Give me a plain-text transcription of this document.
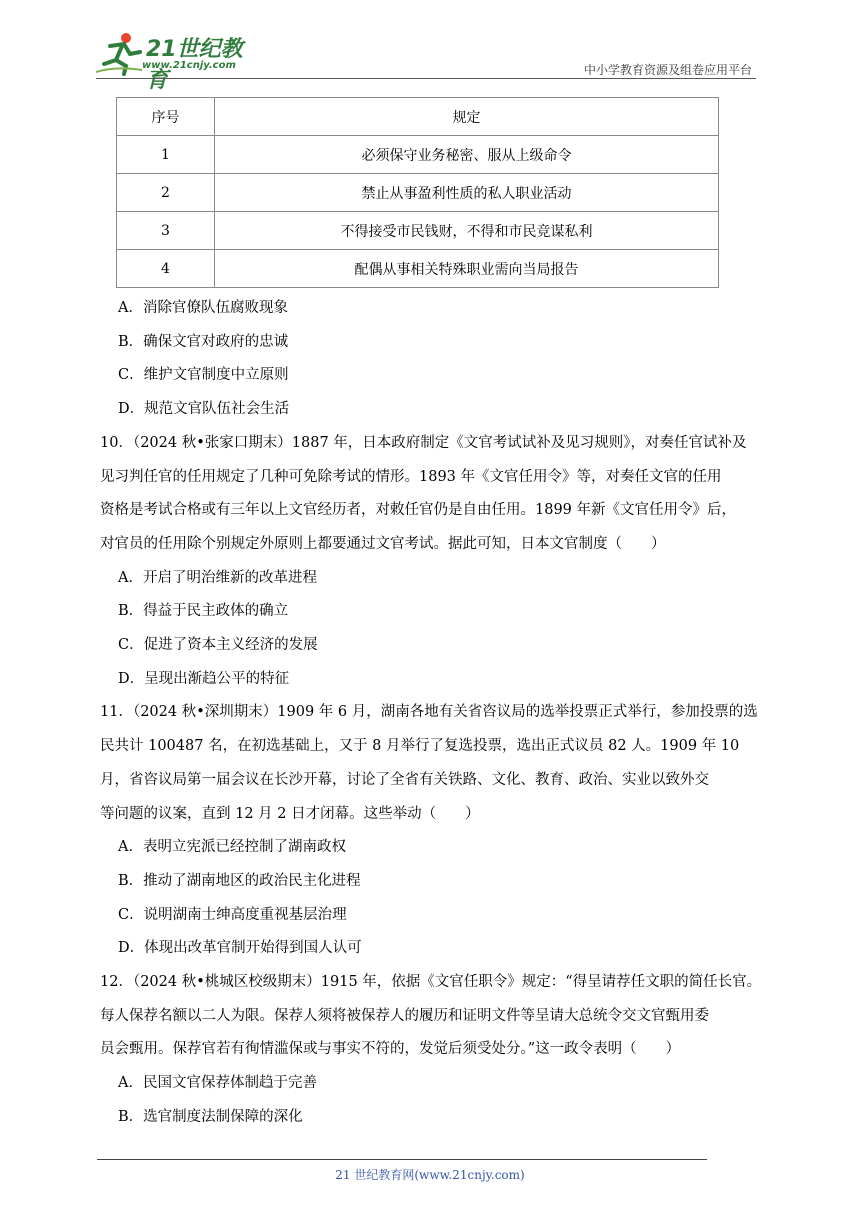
21世纪教育
www.21cnjy.com	中小学教育资源及组卷应用平台
序号	规定
1	必须保守业务秘密、服从上级命令
2	禁止从事盈利性质的私人职业活动
3	不得接受市民钱财，不得和市民竞谋私利
4	配偶从事相关特殊职业需向当局报告
A．消除官僚队伍腐败现象
B．确保文官对政府的忠诚
C．维护文官制度中立原则
D．规范文官队伍社会生活
10．（2024 秋•张家口期末）1887 年，日本政府制定《文官考试试补及见习规则》，对奏任官试补及
见习判任官的任用规定了几种可免除考试的情形。1893 年《文官任用令》等，对奏任文官的任用
资格是考试合格或有三年以上文官经历者，对敕任官仍是自由任用。1899 年新《文官任用令》后，
对官员的任用除个别规定外原则上都要通过文官考试。据此可知，日本文官制度（　　）
A．开启了明治维新的改革进程
B．得益于民主政体的确立
C．促进了资本主义经济的发展
D．呈现出渐趋公平的特征
11．（2024 秋•深圳期末）1909 年 6 月，湖南各地有关省咨议局的选举投票正式举行，参加投票的选
民共计 100487 名，在初选基础上，又于 8 月举行了复选投票，选出正式议员 82 人。1909 年 10
月，省咨议局第一届会议在长沙开幕，讨论了全省有关铁路、文化、教育、政治、实业以致外交
等问题的议案，直到 12 月 2 日才闭幕。这些举动（　　）
A．表明立宪派已经控制了湖南政权
B．推动了湖南地区的政治民主化进程
C．说明湖南士绅高度重视基层治理
D．体现出改革官制开始得到国人认可
12．（2024 秋•桃城区校级期末）1915 年，依据《文官任职令》规定：“得呈请荐任文职的简任长官。
每人保荐名额以二人为限。保荐人须将被保荐人的履历和证明文件等呈请大总统令交文官甄用委
员会甄用。保荐官若有徇情滥保或与事实不符的，发觉后须受处分。”这一政令表明（　　）
A．民国文官保荐体制趋于完善
B．选官制度法制保障的深化
21 世纪教育网(www.21cnjy.com)
